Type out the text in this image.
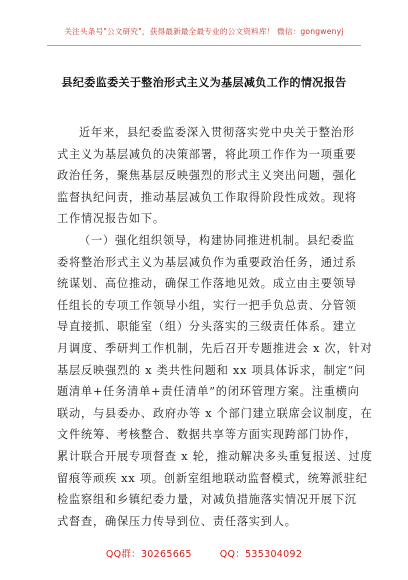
关注头条号"公文研究"，获得最新最全最专业的公文资料库！ 微信：gongwenyj
县纪委监委关于整治形式主义为基层减负工作的情况报告
近年来，县纪委监委深入贯彻落实党中央关于整治形
式主义为基层减负的决策部署，将此项工作作为一项重要
政治任务，聚焦基层反映强烈的形式主义突出问题，强化
监督执纪问责，推动基层减负工作取得阶段性成效。现将
工作情况报告如下。
（一）强化组织领导，构建协同推进机制。县纪委监
委将整治形式主义为基层减负作为重要政治任务，通过系
统谋划、高位推动，确保工作落地见效。成立由主要领导
任组长的专项工作领导小组，实行一把手负总责、分管领
导直接抓、职能室（组）分头落实的三级责任体系。建立
月调度、季研判工作机制，先后召开专题推进会 x 次，针对
基层反映强烈的 x 类共性问题和 xx 项具体诉求，制定“问
题清单+任务清单+责任清单”的闭环管理方案。注重横向
联动，与县委办、政府办等 x 个部门建立联席会议制度，在
文件统筹、考核整合、数据共享等方面实现跨部门协作，
累计联合开展专项督查 x 轮，推动解决多头重复报送、过度
留痕等顽疾 xx 项。创新室组地联动监督模式，统筹派驻纪
检监察组和乡镇纪委力量，对减负措施落实情况开展下沉
式督查，确保压力传导到位、责任落实到人。
QQ群：30265665	QQ：535304092
